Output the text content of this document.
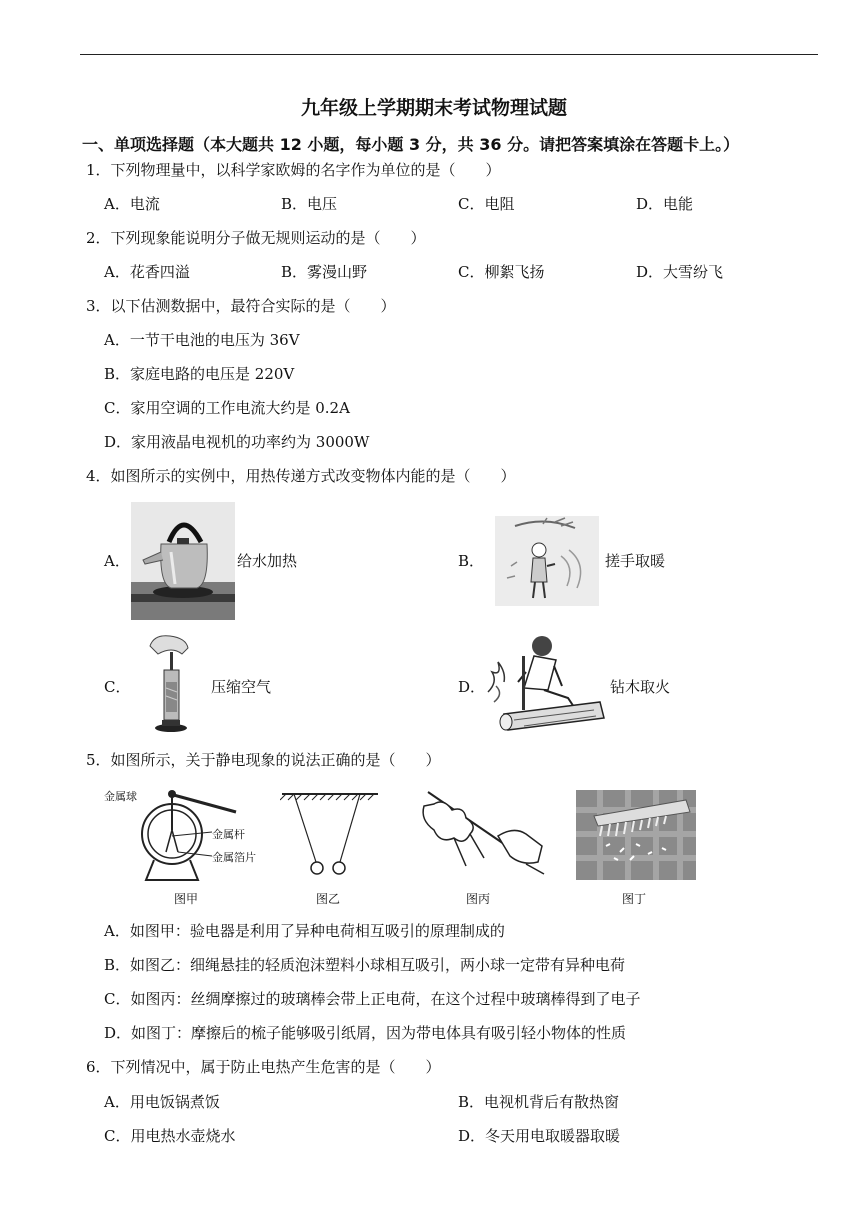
九年级上学期期末考试物理试题
一、单项选择题（本大题共 12 小题，每小题 3 分，共 36 分。请把答案填涂在答题卡上。）
1．下列物理量中，以科学家欧姆的名字作为单位的是（　　）
A．电流	B．电压	C．电阻	D．电能
2．下列现象能说明分子做无规则运动的是（　　）
A．花香四溢	B．雾漫山野	C．柳絮飞扬	D．大雪纷飞
3．以下估测数据中，最符合实际的是（　　）
A．一节干电池的电压为 36V
B．家庭电路的电压是 220V
C．家用空调的工作电流大约是 0.2A
D．家用液晶电视机的功率约为 3000W
4．如图所示的实例中，用热传递方式改变物体内能的是（　　）
A．	给水加热	B．	搓手取暖
C．	压缩空气	D．	钻木取火
5．如图所示，关于静电现象的说法正确的是（　　）
金属球
金属杆
金属箔片
图甲	图乙	图丙	图丁
A．如图甲：验电器是利用了异种电荷相互吸引的原理制成的
B．如图乙：细绳悬挂的轻质泡沫塑料小球相互吸引，两小球一定带有异种电荷
C．如图丙：丝绸摩擦过的玻璃棒会带上正电荷，在这个过程中玻璃棒得到了电子
D．如图丁：摩擦后的梳子能够吸引纸屑，因为带电体具有吸引轻小物体的性质
6．下列情况中，属于防止电热产生危害的是（　　）
A．用电饭锅煮饭	B．电视机背后有散热窗
C．用电热水壶烧水	D．冬天用电取暖器取暖
